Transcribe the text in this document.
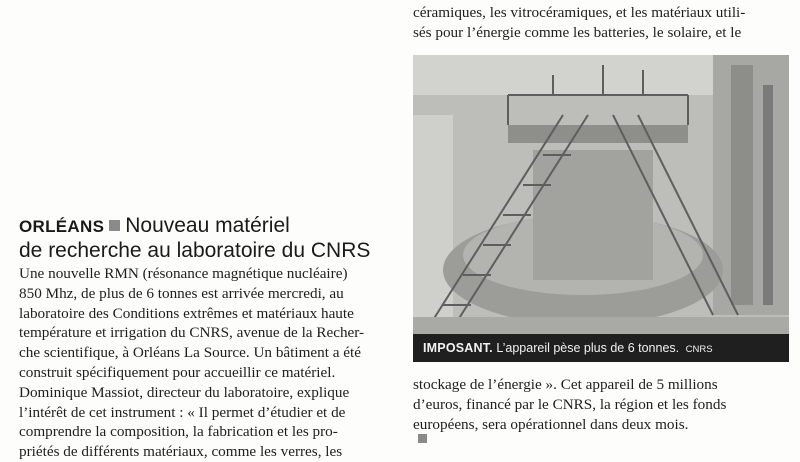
céramiques, les vitrocéramiques, et les matériaux utili-
sés pour l’énergie comme les batteries, le solaire, et le
IMPOSANT. L’appareil pèse plus de 6 tonnes. CNRS
ORLÉANS Nouveau matériel
de recherche au laboratoire du CNRS
Une nouvelle RMN (résonance magnétique nucléaire)
850 Mhz, de plus de 6 tonnes est arrivée mercredi, au
laboratoire des Conditions extrêmes et matériaux haute
température et irrigation du CNRS, avenue de la Recher-
che scientifique, à Orléans La Source. Un bâtiment a été
construit spécifiquement pour accueillir ce matériel.
Dominique Massiot, directeur du laboratoire, explique
l’intérêt de cet instrument : « Il permet d’étudier et de
comprendre la composition, la fabrication et les pro-
priétés de différents matériaux, comme les verres, les
stockage de l’énergie ». Cet appareil de 5 millions
d’euros, financé par le CNRS, la région et les fonds
européens, sera opérationnel dans deux mois.
